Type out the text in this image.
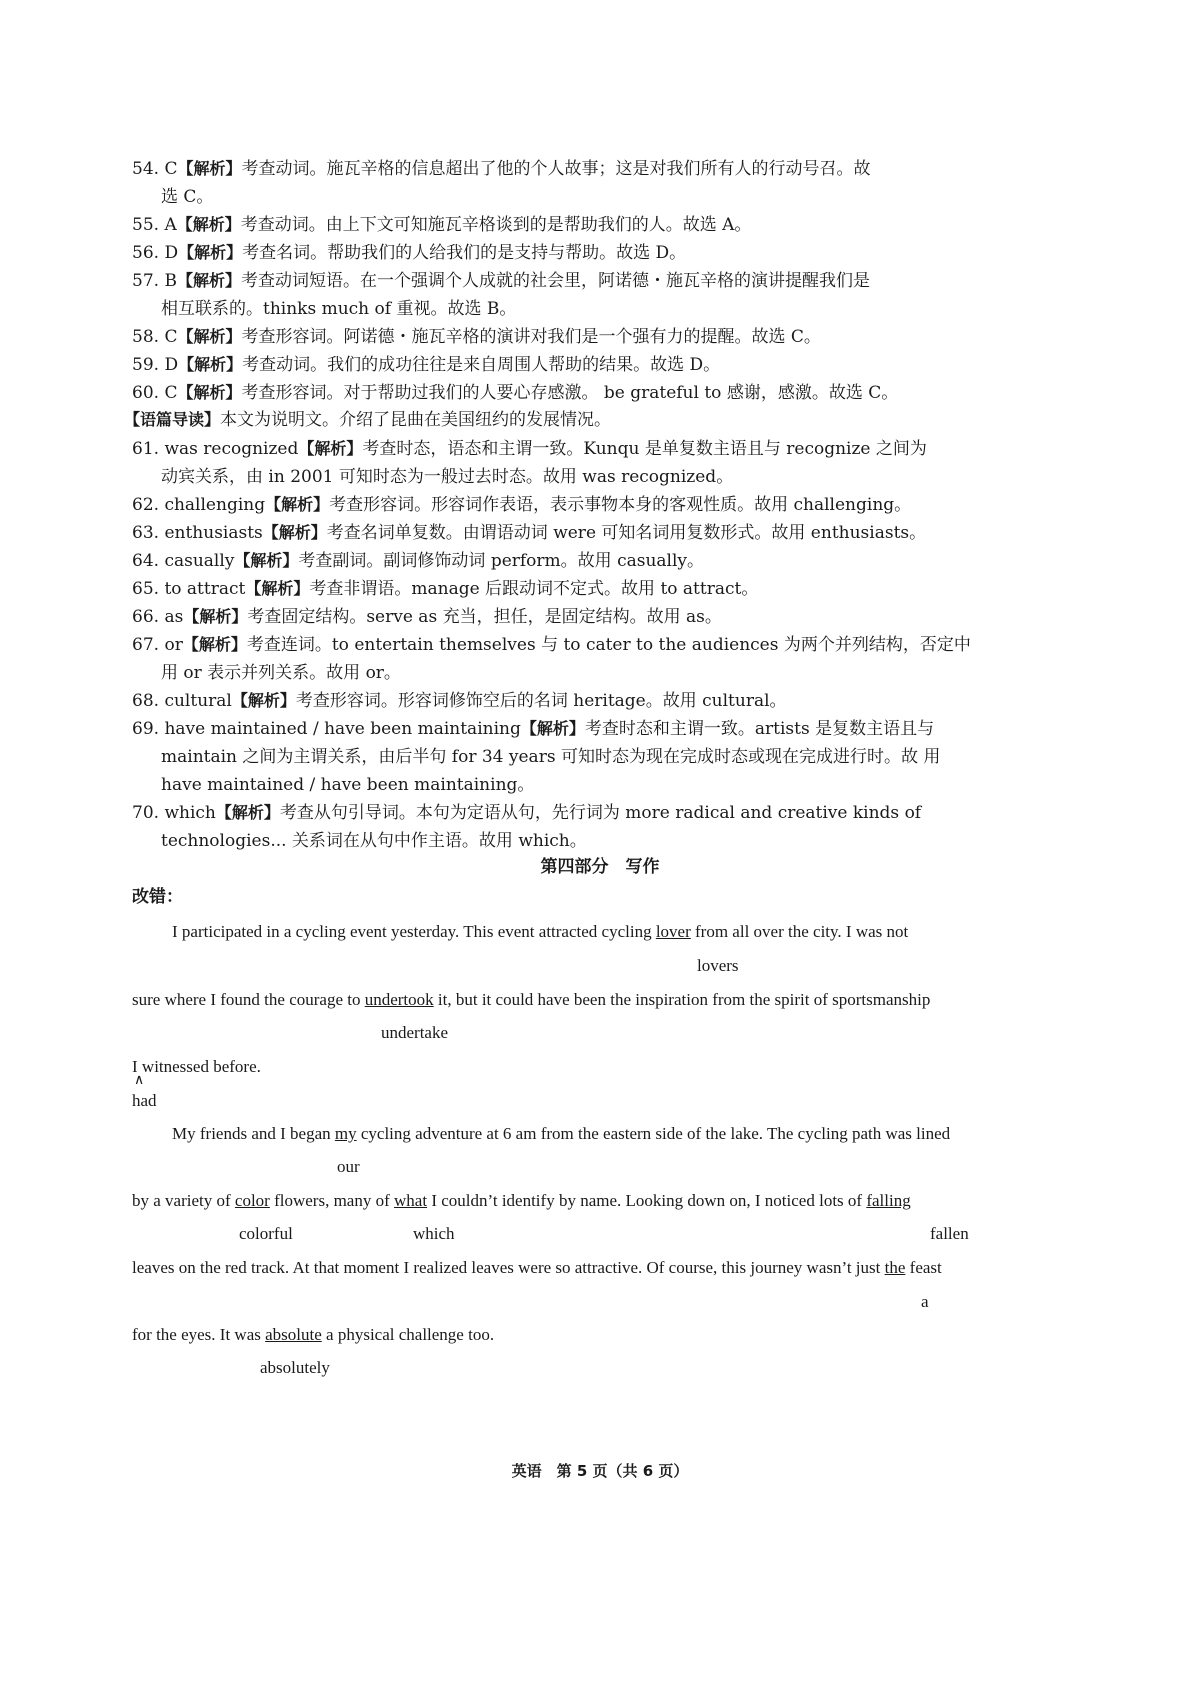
54. C【解析】考查动词。施瓦辛格的信息超出了他的个人故事；这是对我们所有人的行动号召。故
选 C。
55. A【解析】考查动词。由上下文可知施瓦辛格谈到的是帮助我们的人。故选 A。
56. D【解析】考查名词。帮助我们的人给我们的是支持与帮助。故选 D。
57. B【解析】考查动词短语。在一个强调个人成就的社会里，阿诺德・施瓦辛格的演讲提醒我们是
相互联系的。thinks much of 重视。故选 B。
58. C【解析】考查形容词。阿诺德・施瓦辛格的演讲对我们是一个强有力的提醒。故选 C。
59. D【解析】考查动词。我们的成功往往是来自周围人帮助的结果。故选 D。
60. C【解析】考查形容词。对于帮助过我们的人要心存感激。 be grateful to 感谢，感激。故选 C。
【语篇导读】本文为说明文。介绍了昆曲在美国纽约的发展情况。
61. was recognized【解析】考查时态，语态和主谓一致。Kunqu 是单复数主语且与 recognize 之间为
动宾关系，由 in 2001 可知时态为一般过去时态。故用 was recognized。
62. challenging【解析】考查形容词。形容词作表语，表示事物本身的客观性质。故用 challenging。
63. enthusiasts【解析】考查名词单复数。由谓语动词 were 可知名词用复数形式。故用 enthusiasts。
64. casually【解析】考查副词。副词修饰动词 perform。故用 casually。
65. to attract【解析】考查非谓语。manage 后跟动词不定式。故用 to attract。
66. as【解析】考查固定结构。serve as 充当，担任，是固定结构。故用 as。
67. or【解析】考查连词。to entertain themselves 与 to cater to the audiences 为两个并列结构，否定中
用 or 表示并列关系。故用 or。
68. cultural【解析】考查形容词。形容词修饰空后的名词 heritage。故用 cultural。
69. have maintained / have been maintaining【解析】考查时态和主谓一致。artists 是复数主语且与
maintain 之间为主谓关系，由后半句 for 34 years 可知时态为现在完成时态或现在完成进行时。故 用 have maintained / have been maintaining。
70. which【解析】考查从句引导词。本句为定语从句，先行词为 more radical and creative kinds of
technologies... 关系词在从句中作主语。故用 which。
第四部分　写作
改错：
I participated in a cycling event yesterday. This event attracted cycling lover from all over the city. I was not
lovers
sure where I found the courage to undertook it, but it could have been the inspiration from the spirit of sportsmanship
undertake
I witnessed before.
∧
had
My friends and I began my cycling adventure at 6 am from the eastern side of the lake. The cycling path was lined
our
by a variety of color flowers, many of what I couldn’t identify by name. Looking down on, I noticed lots of falling
colorful	which	fallen
leaves on the red track. At that moment I realized leaves were so attractive. Of course, this journey wasn’t just the feast
a
for the eyes. It was absolute a physical challenge too.
absolutely
英语　第 5 页（共 6 页）
